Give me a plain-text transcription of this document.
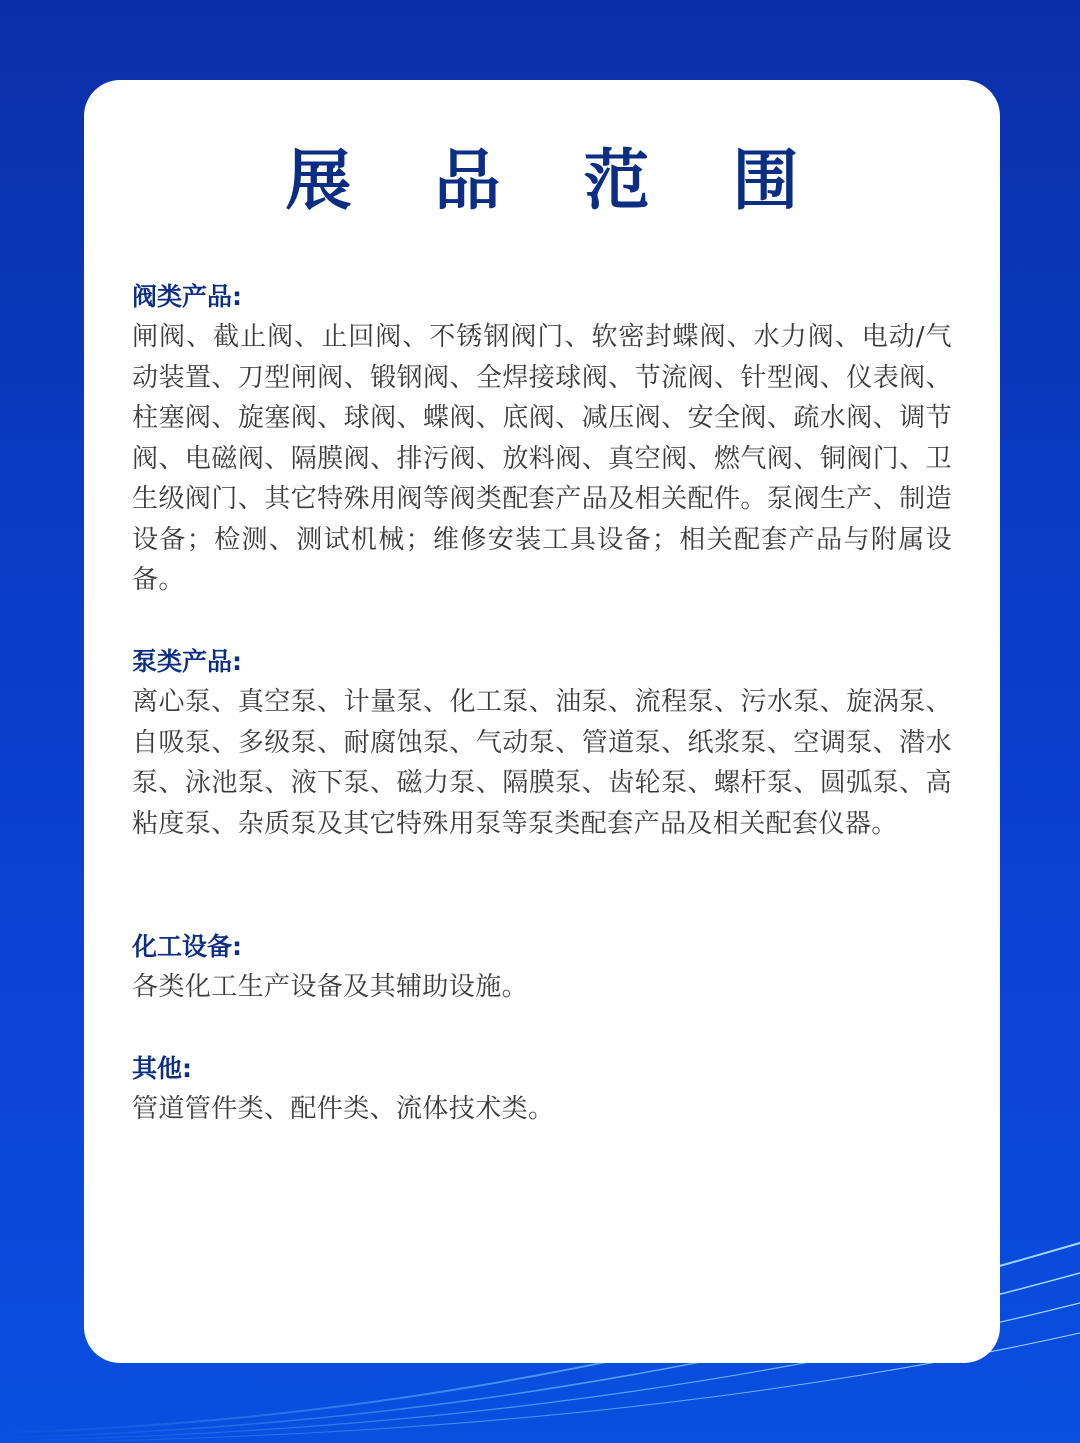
展 品 范 围
阀类产品:
闸阀、截止阀、止回阀、不锈钢阀门、软密封蝶阀、水力阀、电动/气动装置、刀型闸阀、锻钢阀、全焊接球阀、节流阀、针型阀、仪表阀、柱塞阀、旋塞阀、球阀、蝶阀、底阀、减压阀、安全阀、疏水阀、调节阀、电磁阀、隔膜阀、排污阀、放料阀、真空阀、燃气阀、铜阀门、卫生级阀门、其它特殊用阀等阀类配套产品及相关配件。泵阀生产、制造设备；检测、测试机械；维修安装工具设备；相关配套产品与附属设备。
泵类产品:
离心泵、真空泵、计量泵、化工泵、油泵、流程泵、污水泵、旋涡泵、自吸泵、多级泵、耐腐蚀泵、气动泵、管道泵、纸浆泵、空调泵、潜水泵、泳池泵、液下泵、磁力泵、隔膜泵、齿轮泵、螺杆泵、圆弧泵、高粘度泵、杂质泵及其它特殊用泵等泵类配套产品及相关配套仪器。
化工设备:
各类化工生产设备及其辅助设施。
其他:
管道管件类、配件类、流体技术类。
